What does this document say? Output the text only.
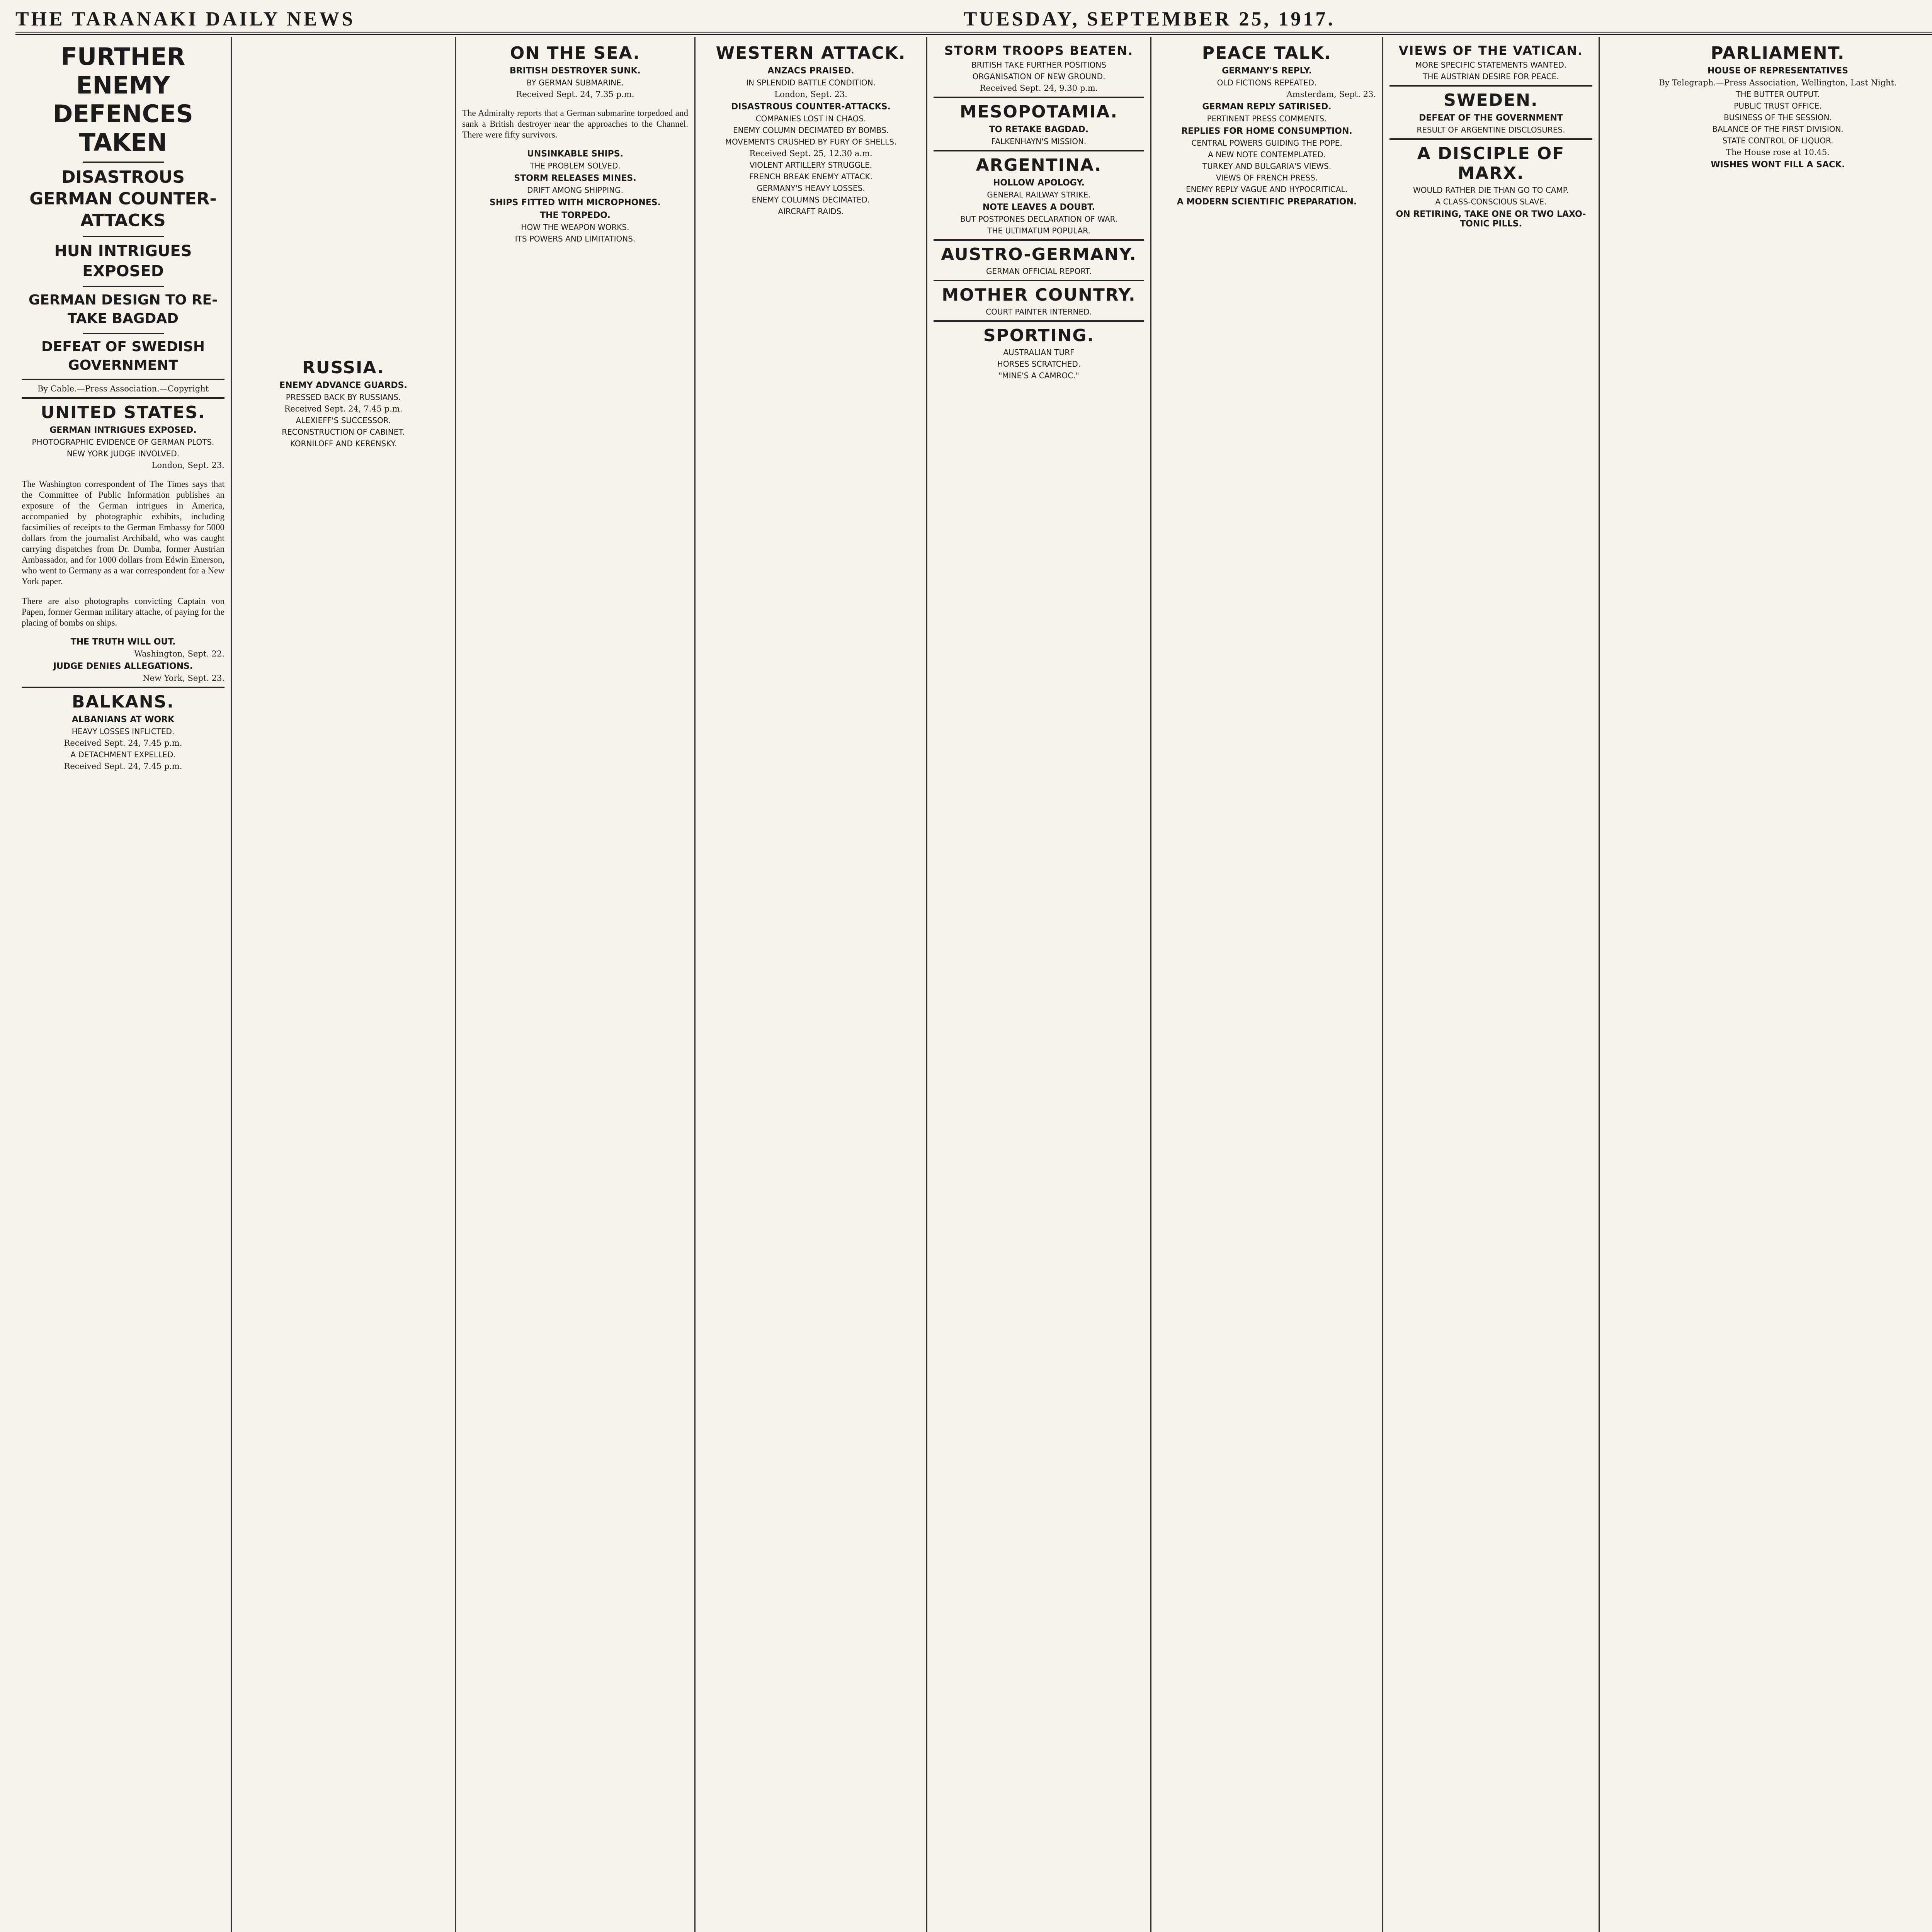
THE TARANAKI DAILY NEWS	TUESDAY, SEPTEMBER 25, 1917.
FURTHER ENEMY DEFENCES TAKEN
DISASTROUS GERMAN COUNTER-ATTACKS
HUN INTRIGUES EXPOSED
GERMAN DESIGN TO RE-TAKE BAGDAD
DEFEAT OF SWEDISH GOVERNMENT
By Cable.—Press Association.—Copyright
UNITED STATES.
GERMAN INTRIGUES EXPOSED.
PHOTOGRAPHIC EVIDENCE OF GERMAN PLOTS.
NEW YORK JUDGE INVOLVED.
London, Sept. 23.

The Washington correspondent of The Times says that the Committee of Public Information publishes an exposure of the German intrigues in America, accompanied by photographic exhibits, including facsimilies of receipts to the German Embassy for 5000 dollars from the journalist Archibald, who was caught carrying dispatches from Dr. Dumba, former Austrian Ambassador, and for 1000 dollars from Edwin Emerson, who went to Germany as a war correspondent for a New York paper.

There are also photographs convicting Captain von Papen, former German military attache, of paying for the placing of bombs on ships.

THE TRUTH WILL OUT.
Washington, Sept. 22.
JUDGE DENIES ALLEGATIONS.
New York, Sept. 23.
BALKANS.
ALBANIANS AT WORK
HEAVY LOSSES INFLICTED.
Received Sept. 24, 7.45 p.m.
A DETACHMENT EXPELLED.
Received Sept. 24, 7.45 p.m.
RUSSIA.
ENEMY ADVANCE GUARDS.
PRESSED BACK BY RUSSIANS.
Received Sept. 24, 7.45 p.m.
ALEXIEFF'S SUCCESSOR.
RECONSTRUCTION OF CABINET.
KORNILOFF AND KERENSKY.
ON THE SEA.
BRITISH DESTROYER SUNK.
BY GERMAN SUBMARINE.
Received Sept. 24, 7.35 p.m.

The Admiralty reports that a German submarine torpedoed and sank a British destroyer near the approaches to the Channel. There were fifty survivors.

UNSINKABLE SHIPS.
THE PROBLEM SOLVED.
STORM RELEASES MINES.
DRIFT AMONG SHIPPING.
SHIPS FITTED WITH MICROPHONES.
THE TORPEDO.
HOW THE WEAPON WORKS.
ITS POWERS AND LIMITATIONS.
WESTERN ATTACK.
ANZACS PRAISED.
IN SPLENDID BATTLE CONDITION.
London, Sept. 23.
DISASTROUS COUNTER-ATTACKS.
COMPANIES LOST IN CHAOS.
ENEMY COLUMN DECIMATED BY BOMBS.
MOVEMENTS CRUSHED BY FURY OF SHELLS.
Received Sept. 25, 12.30 a.m.
VIOLENT ARTILLERY STRUGGLE.
FRENCH BREAK ENEMY ATTACK.
GERMANY'S HEAVY LOSSES.
ENEMY COLUMNS DECIMATED.
AIRCRAFT RAIDS.
STORM TROOPS BEATEN.
BRITISH TAKE FURTHER POSITIONS
ORGANISATION OF NEW GROUND.
Received Sept. 24, 9.30 p.m.
MESOPOTAMIA.
TO RETAKE BAGDAD.
FALKENHAYN'S MISSION.
ARGENTINA.
HOLLOW APOLOGY.
GENERAL RAILWAY STRIKE.
NOTE LEAVES A DOUBT.
BUT POSTPONES DECLARATION OF WAR.
THE ULTIMATUM POPULAR.
AUSTRO-GERMANY.
GERMAN OFFICIAL REPORT.
MOTHER COUNTRY.
COURT PAINTER INTERNED.
SPORTING.
AUSTRALIAN TURF
HORSES SCRATCHED.
"MINE'S A CAMROC."
PEACE TALK.
GERMANY'S REPLY.
OLD FICTIONS REPEATED.
Amsterdam, Sept. 23.
GERMAN REPLY SATIRISED.
PERTINENT PRESS COMMENTS.
REPLIES FOR HOME CONSUMPTION.
CENTRAL POWERS GUIDING THE POPE.
A NEW NOTE CONTEMPLATED.
TURKEY AND BULGARIA'S VIEWS.
VIEWS OF FRENCH PRESS.
ENEMY REPLY VAGUE AND HYPOCRITICAL.
A MODERN SCIENTIFIC PREPARATION.
VIEWS OF THE VATICAN.
MORE SPECIFIC STATEMENTS WANTED.
THE AUSTRIAN DESIRE FOR PEACE.
SWEDEN.
DEFEAT OF THE GOVERNMENT
RESULT OF ARGENTINE DISCLOSURES.
A DISCIPLE OF MARX.
WOULD RATHER DIE THAN GO TO CAMP.
A CLASS-CONSCIOUS SLAVE.
ON RETIRING, TAKE ONE OR TWO LAXO-TONIC PILLS.
PARLIAMENT.
HOUSE OF REPRESENTATIVES
By Telegraph.—Press Association, Wellington, Last Night.
THE BUTTER OUTPUT.
PUBLIC TRUST OFFICE.
BUSINESS OF THE SESSION.
BALANCE OF THE FIRST DIVISION.
STATE CONTROL OF LIQUOR.
The House rose at 10.45.
WISHES WONT FILL A SACK.
